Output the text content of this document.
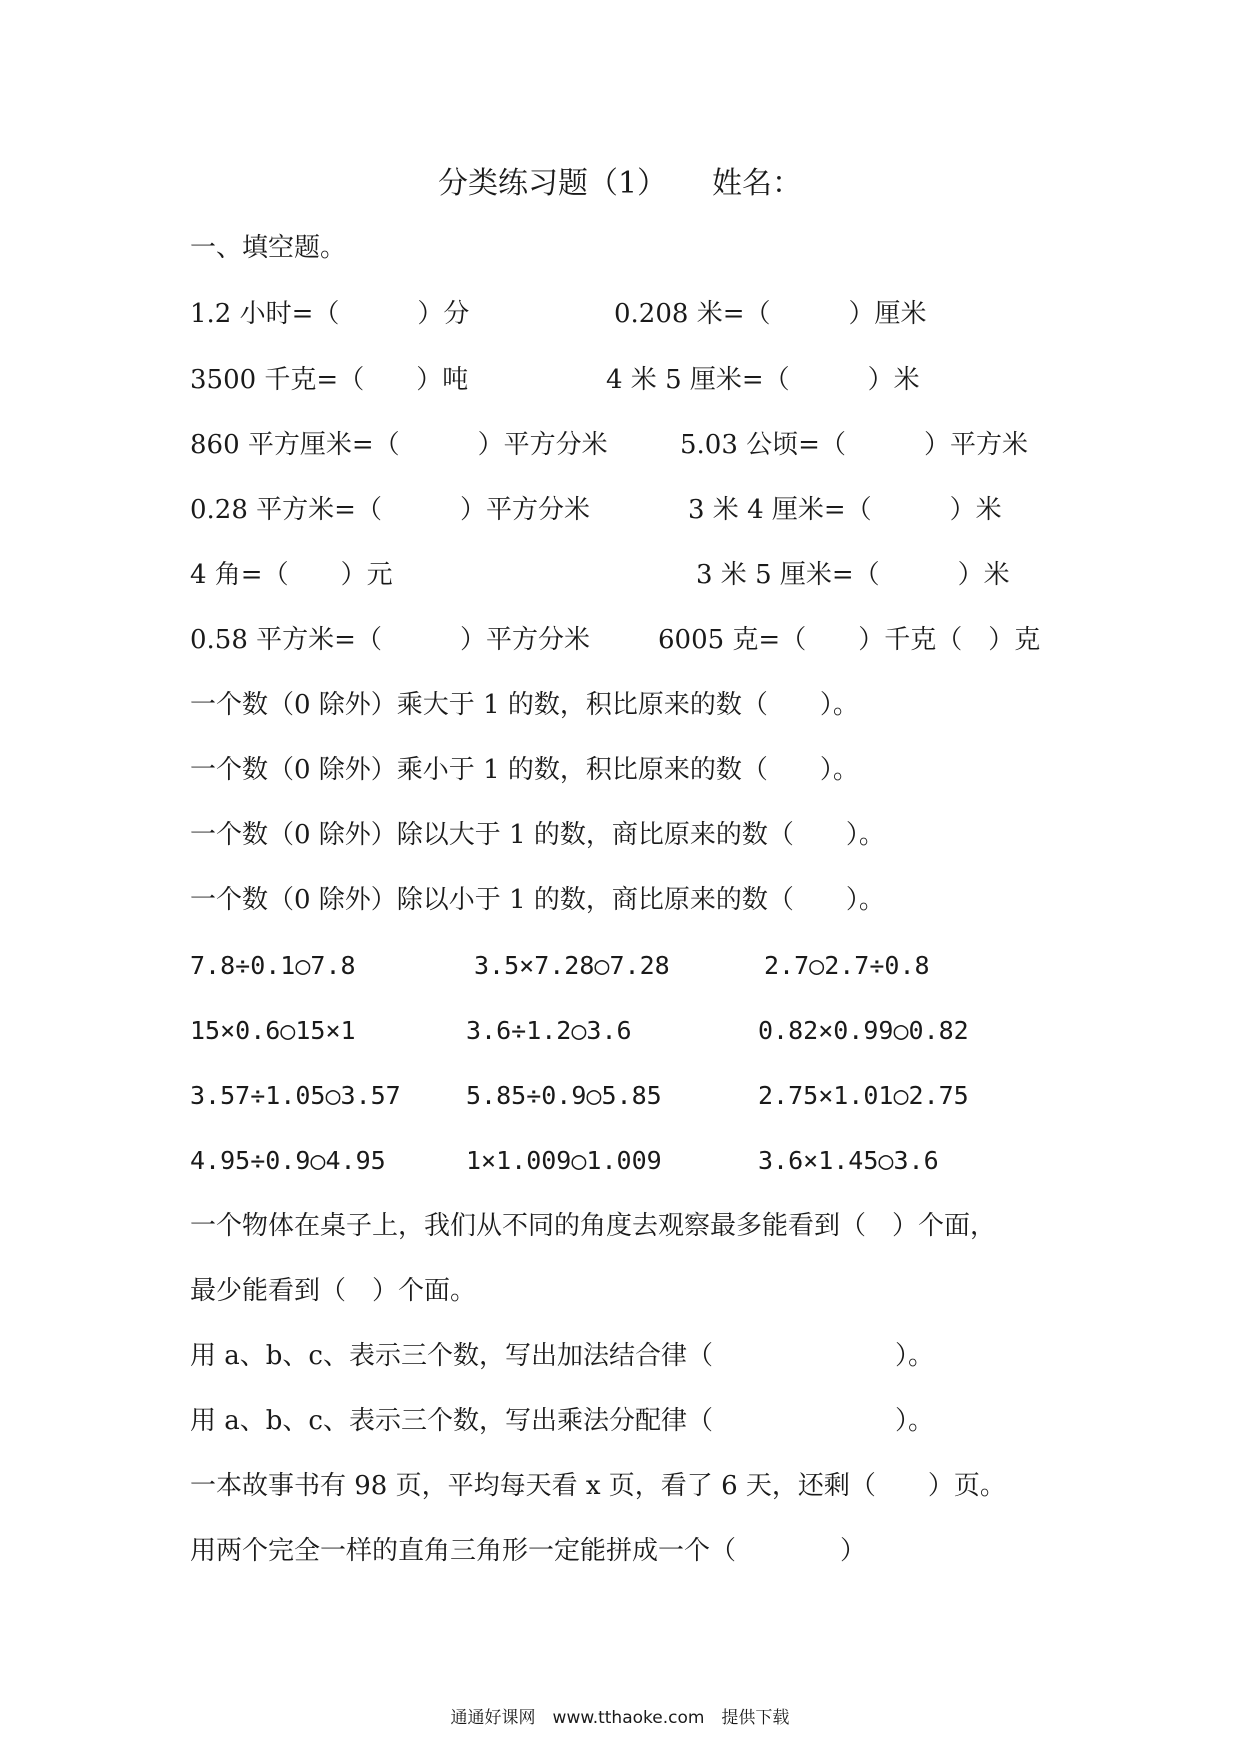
分类练习题（1）　　姓名：
一、填空题。
1.2 小时=（　　　）分	0.208 米=（　　　）厘米
3500 千克=（　　）吨	4 米 5 厘米=（　　　）米
860 平方厘米=（　　　）平方分米	5.03 公顷=（　　　）平方米
0.28 平方米=（　　　）平方分米	3 米 4 厘米=（　　　）米
4 角=（　　）元	3 米 5 厘米=（　　　）米
0.58 平方米=（　　　）平方分米	6005 克=（　　）千克（　）克
一个数（0 除外）乘大于 1 的数，积比原来的数（　　）。
一个数（0 除外）乘小于 1 的数，积比原来的数（　　）。
一个数（0 除外）除以大于 1 的数，商比原来的数（　　）。
一个数（0 除外）除以小于 1 的数，商比原来的数（　　）。
7.8÷0.1○7.8	3.5×7.28○7.28	2.7○2.7÷0.8
15×0.6○15×1	3.6÷1.2○3.6	0.82×0.99○0.82
3.57÷1.05○3.57	5.85÷0.9○5.85	2.75×1.01○2.75
4.95÷0.9○4.95	1×1.009○1.009	3.6×1.45○3.6
一个物体在桌子上，我们从不同的角度去观察最多能看到（　）个面，
最少能看到（　）个面。
用 a、b、c、表示三个数，写出加法结合律（　　　　　　　）。
用 a、b、c、表示三个数，写出乘法分配律（　　　　　　　）。
一本故事书有 98 页，平均每天看 x 页，看了 6 天，还剩（　　）页。
用两个完全一样的直角三角形一定能拼成一个（　　　　）
通通好课网　www.tthaoke.com　提供下载
